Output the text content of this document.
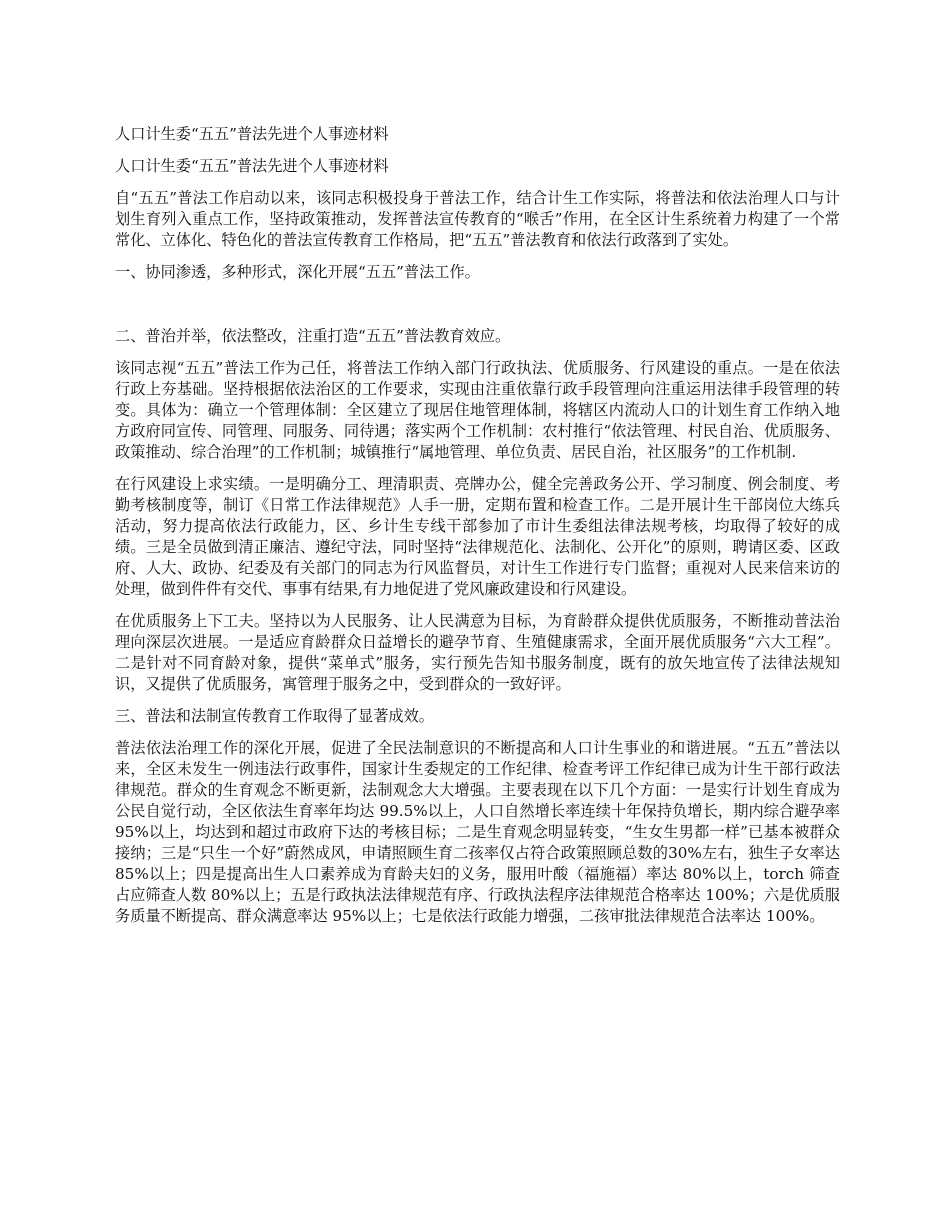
人口计生委“五五”普法先进个人事迹材料

人口计生委“五五”普法先进个人事迹材料

自“五五”普法工作启动以来，该同志积极投身于普法工作，结合计生工作实际，将普法和依法治理人口与计划生育列入重点工作，坚持政策推动，发挥普法宣传教育的“喉舌”作用，在全区计生系统着力构建了一个常常化、立体化、特色化的普法宣传教育工作格局，把“五五”普法教育和依法行政落到了实处。

一、协同渗透，多种形式，深化开展“五五”普法工作。

二、普治并举，依法整改，注重打造“五五”普法教育效应。

该同志视“五五”普法工作为己任，将普法工作纳入部门行政执法、优质服务、行风建设的重点。一是在依法行政上夯基础。坚持根据依法治区的工作要求，实现由注重依靠行政手段管理向注重运用法律手段管理的转变。具体为：确立一个管理体制：全区建立了现居住地管理体制，将辖区内流动人口的计划生育工作纳入地方政府同宣传、同管理、同服务、同待遇；落实两个工作机制：农村推行“依法管理、村民自治、优质服务、政策推动、综合治理”的工作机制；城镇推行“属地管理、单位负责、居民自治，社区服务”的工作机制.

在行风建设上求实绩。一是明确分工、理清职责、亮牌办公，健全完善政务公开、学习制度、例会制度、考勤考核制度等，制订《日常工作法律规范》人手一册，定期布置和检查工作。二是开展计生干部岗位大练兵活动，努力提高依法行政能力，区、乡计生专线干部参加了市计生委组法律法规考核，均取得了较好的成绩。三是全员做到清正廉洁、遵纪守法，同时坚持“法律规范化、法制化、公开化”的原则，聘请区委、区政府、人大、政协、纪委及有关部门的同志为行风监督员，对计生工作进行专门监督；重视对人民来信来访的处理，做到件件有交代、事事有结果,有力地促进了党风廉政建设和行风建设。

在优质服务上下工夫。坚持以为人民服务、让人民满意为目标，为育龄群众提供优质服务，不断推动普法治理向深层次进展。一是适应育龄群众日益增长的避孕节育、生殖健康需求，全面开展优质服务“六大工程”。二是针对不同育龄对象，提供“菜单式”服务，实行预先告知书服务制度，既有的放矢地宣传了法律法规知识，又提供了优质服务，寓管理于服务之中，受到群众的一致好评。

三、普法和法制宣传教育工作取得了显著成效。

普法依法治理工作的深化开展，促进了全民法制意识的不断提高和人口计生事业的和谐进展。“五五”普法以来，全区未发生一例违法行政事件，国家计生委规定的工作纪律、检查考评工作纪律已成为计生干部行政法律规范。群众的生育观念不断更新，法制观念大大增强。主要表现在以下几个方面：一是实行计划生育成为公民自觉行动，全区依法生育率年均达 99.5%以上，人口自然增长率连续十年保持负增长，期内综合避孕率 95%以上，均达到和超过市政府下达的考核目标；二是生育观念明显转变，“生女生男都一样”已基本被群众接纳；三是“只生一个好”蔚然成风，申请照顾生育二孩率仅占符合政策照顾总数的30%左右，独生子女率达 85%以上；四是提高出生人口素养成为育龄夫妇的义务，服用叶酸（福施福）率达 80%以上，torch 筛查占应筛查人数 80%以上；五是行政执法法律规范有序、行政执法程序法律规范合格率达 100%；六是优质服务质量不断提高、群众满意率达 95%以上；七是依法行政能力增强，二孩审批法律规范合法率达 100%。
